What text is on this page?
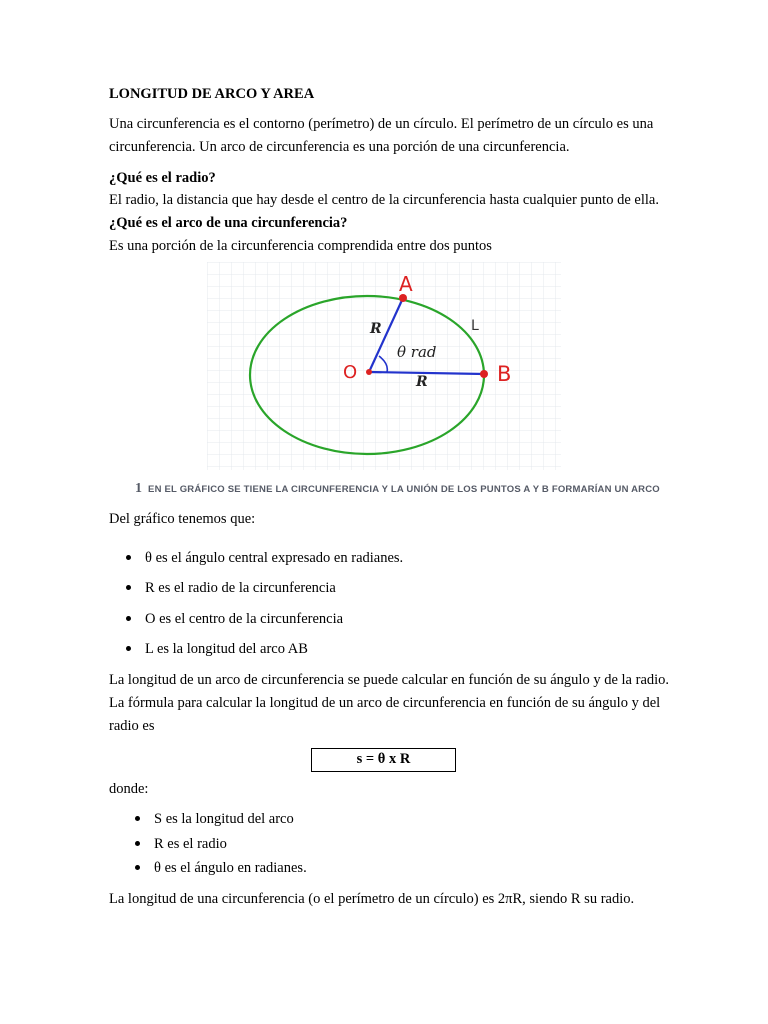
LONGITUD DE ARCO Y AREA
Una circunferencia es el contorno (perímetro) de un círculo. El perímetro de un círculo es una
circunferencia. Un arco de circunferencia es una porción de una circunferencia.
¿Qué es el radio?
El radio, la distancia que hay desde el centro de la circunferencia hasta cualquier punto de ella.
¿Qué es el arco de una circunferencia?
Es una porción de la circunferencia comprendida entre dos puntos
A
B
O
L
R
R
θ rad
1 EN EL GRÁFICO SE TIENE LA CIRCUNFERENCIA Y LA UNIÓN DE LOS PUNTOS A Y B FORMARÍAN UN ARCO
Del gráfico tenemos que:
θ es el ángulo central expresado en radianes.
R es el radio de la circunferencia
O es el centro de la circunferencia
L es la longitud del arco AB
La longitud de un arco de circunferencia se puede calcular en función de su ángulo y de la radio.
La fórmula para calcular la longitud de un arco de circunferencia en función de su ángulo y del
radio es
s = θ x R
donde:
S es la longitud del arco
R es el radio
θ es el ángulo en radianes.
La longitud de una circunferencia (o el perímetro de un círculo) es 2πR, siendo R su radio.
